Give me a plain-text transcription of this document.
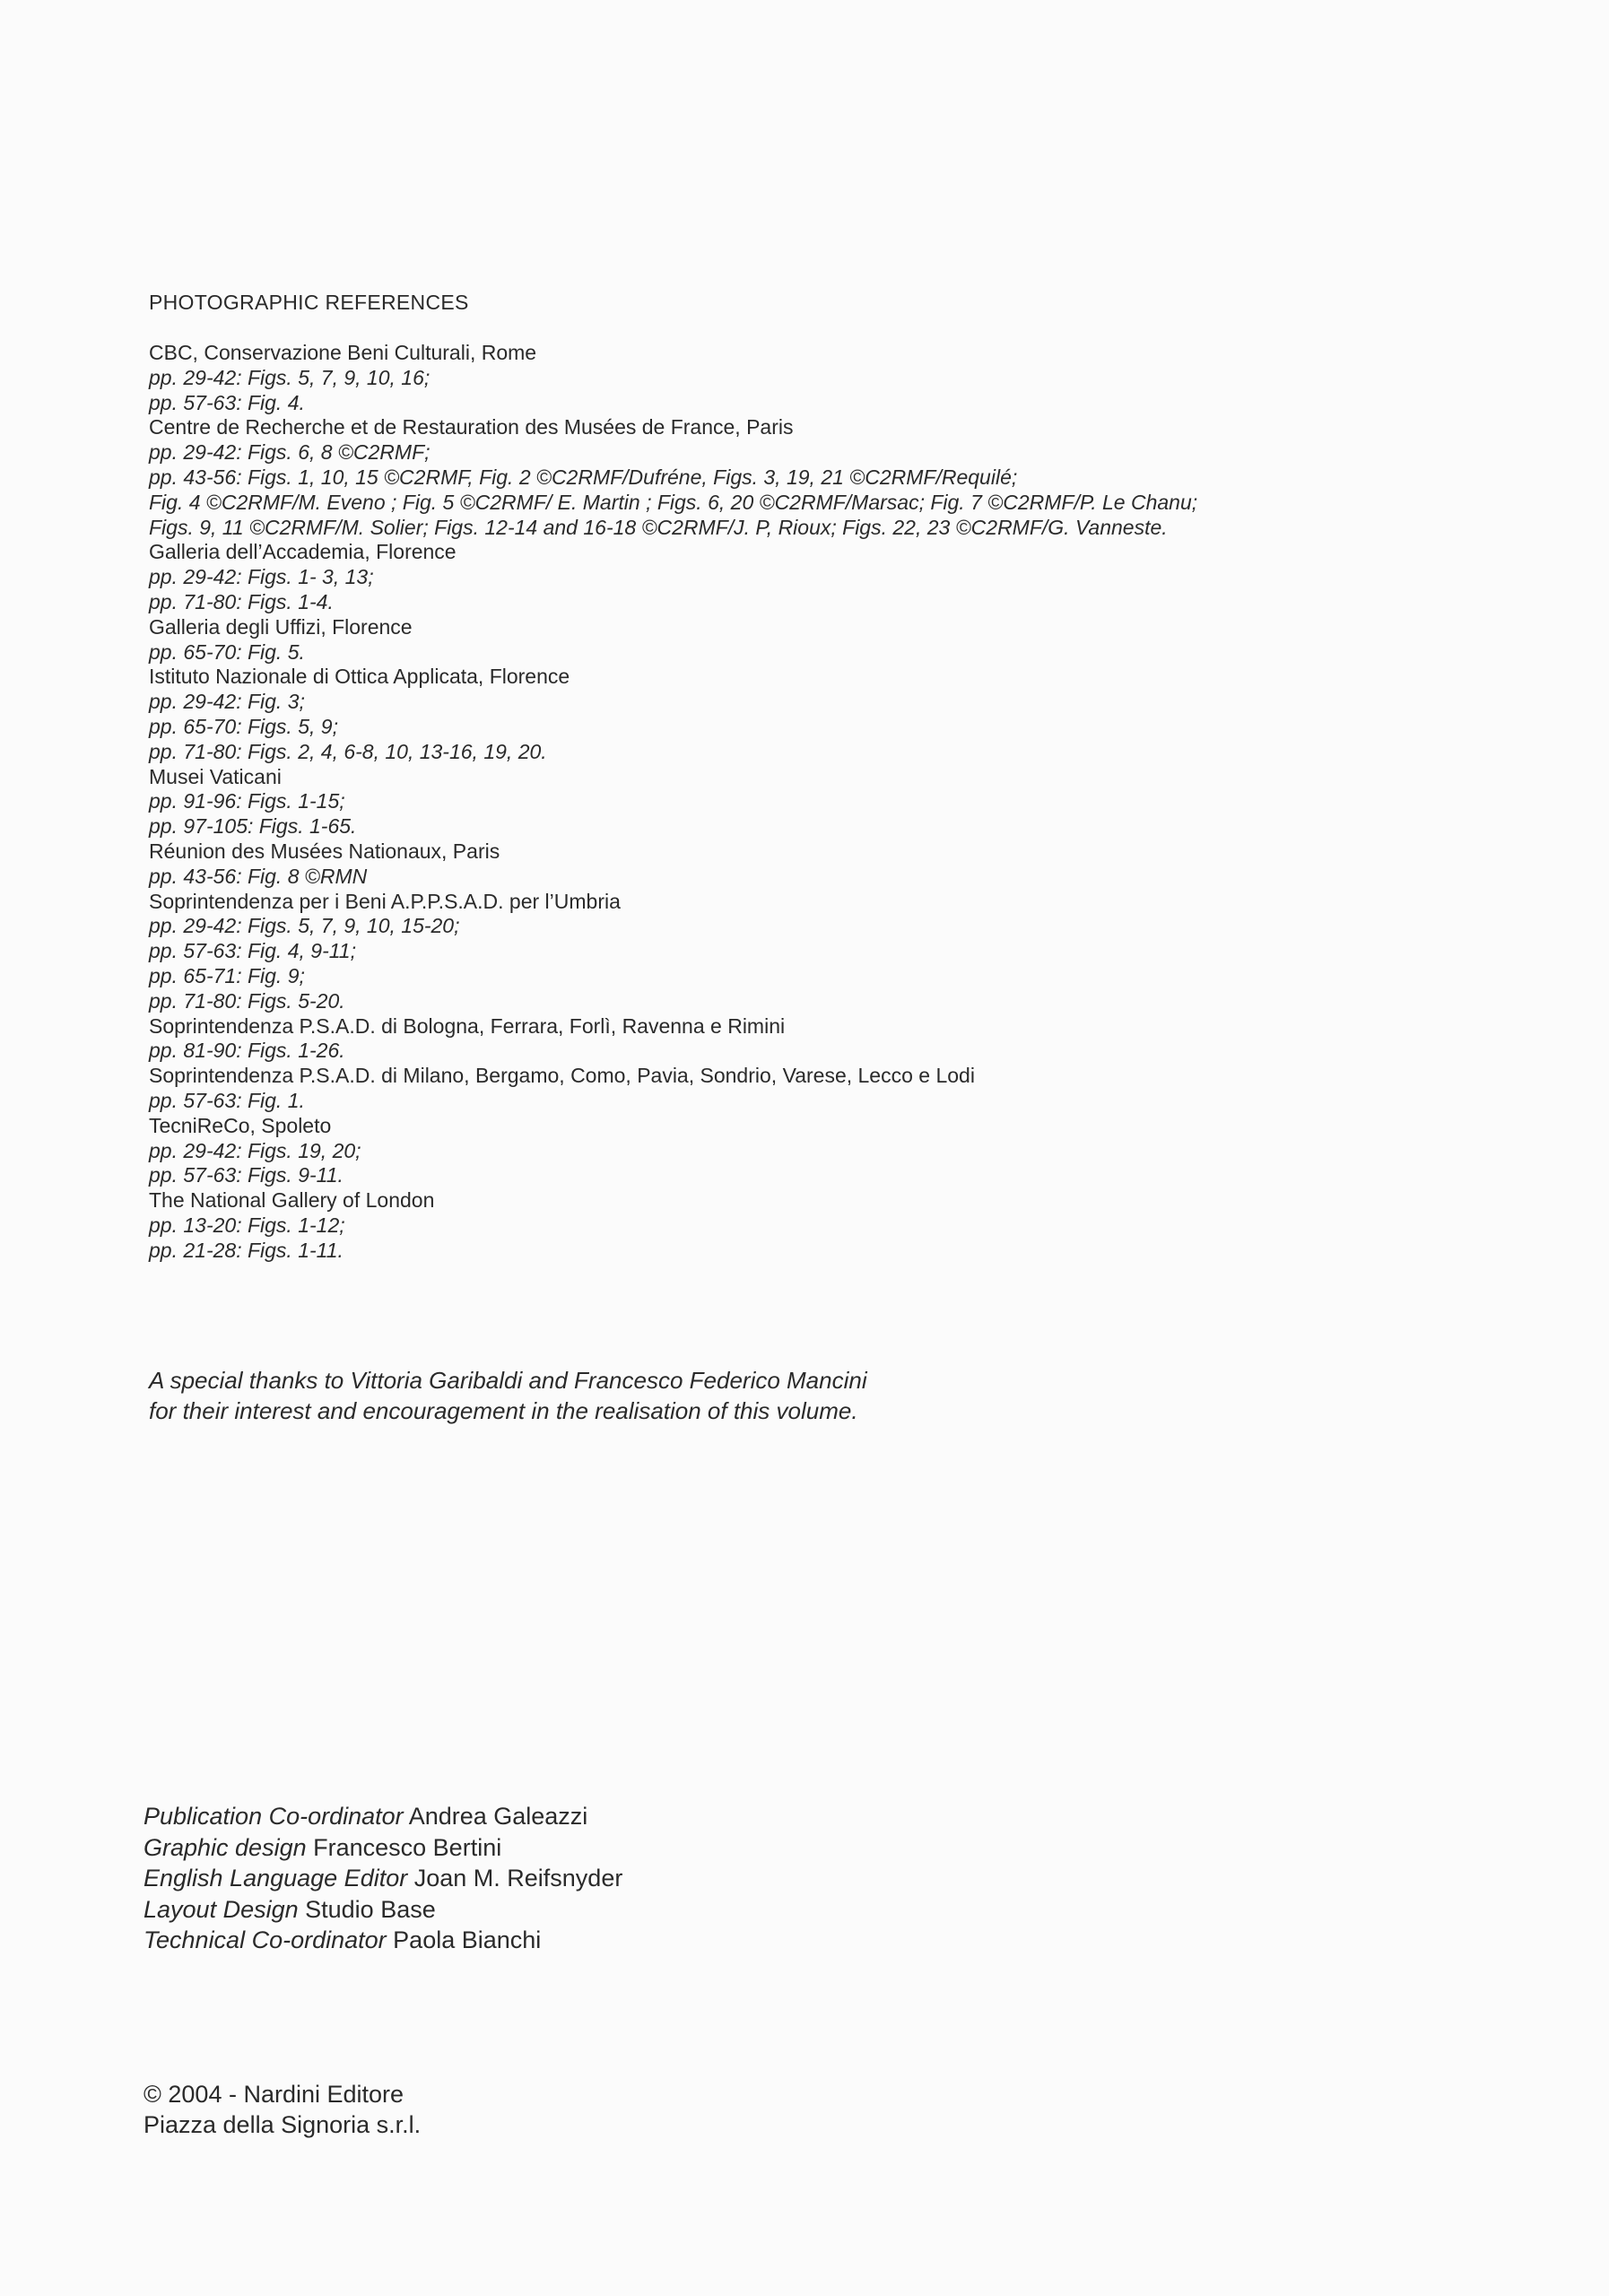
PHOTOGRAPHIC REFERENCES
CBC, Conservazione Beni Culturali, Rome
pp. 29-42: Figs. 5, 7, 9, 10, 16;
pp. 57-63: Fig. 4.
Centre de Recherche et de Restauration des Musées de France, Paris
pp. 29-42: Figs. 6, 8 ©C2RMF;
pp. 43-56: Figs. 1, 10, 15 ©C2RMF, Fig. 2 ©C2RMF/Dufréne, Figs. 3, 19, 21 ©C2RMF/Requilé;
Fig. 4 ©C2RMF/M. Eveno ; Fig. 5 ©C2RMF/ E. Martin ; Figs. 6, 20 ©C2RMF/Marsac; Fig. 7 ©C2RMF/P. Le Chanu;
Figs. 9, 11 ©C2RMF/M. Solier; Figs. 12-14 and 16-18 ©C2RMF/J. P, Rioux; Figs. 22, 23 ©C2RMF/G. Vanneste.
Galleria dell’Accademia, Florence
pp. 29-42: Figs. 1- 3, 13;
pp. 71-80: Figs. 1-4.
Galleria degli Uffizi, Florence
pp. 65-70: Fig. 5.
Istituto Nazionale di Ottica Applicata, Florence
pp. 29-42: Fig. 3;
pp. 65-70: Figs. 5, 9;
pp. 71-80: Figs. 2, 4, 6-8, 10, 13-16, 19, 20.
Musei Vaticani
pp. 91-96: Figs. 1-15;
pp. 97-105: Figs. 1-65.
Réunion des Musées Nationaux, Paris
pp. 43-56: Fig. 8 ©RMN
Soprintendenza per i Beni A.P.P.S.A.D. per l’Umbria
pp. 29-42: Figs. 5, 7, 9, 10, 15-20;
pp. 57-63: Fig. 4, 9-11;
pp. 65-71: Fig. 9;
pp. 71-80: Figs. 5-20.
Soprintendenza P.S.A.D. di Bologna, Ferrara, Forlì, Ravenna e Rimini
pp. 81-90: Figs. 1-26.
Soprintendenza P.S.A.D. di Milano, Bergamo, Como, Pavia, Sondrio, Varese, Lecco e Lodi
pp. 57-63: Fig. 1.
TecniReCo, Spoleto
pp. 29-42: Figs. 19, 20;
pp. 57-63: Figs. 9-11.
The National Gallery of London
pp. 13-20: Figs. 1-12;
pp. 21-28: Figs. 1-11.
A special thanks to Vittoria Garibaldi and Francesco Federico Mancini
for their interest and encouragement in the realisation of this volume.
Publication Co-ordinator Andrea Galeazzi
Graphic design Francesco Bertini
English Language Editor Joan M. Reifsnyder
Layout Design Studio Base
Technical Co-ordinator Paola Bianchi
© 2004 - Nardini Editore
Piazza della Signoria s.r.l.
